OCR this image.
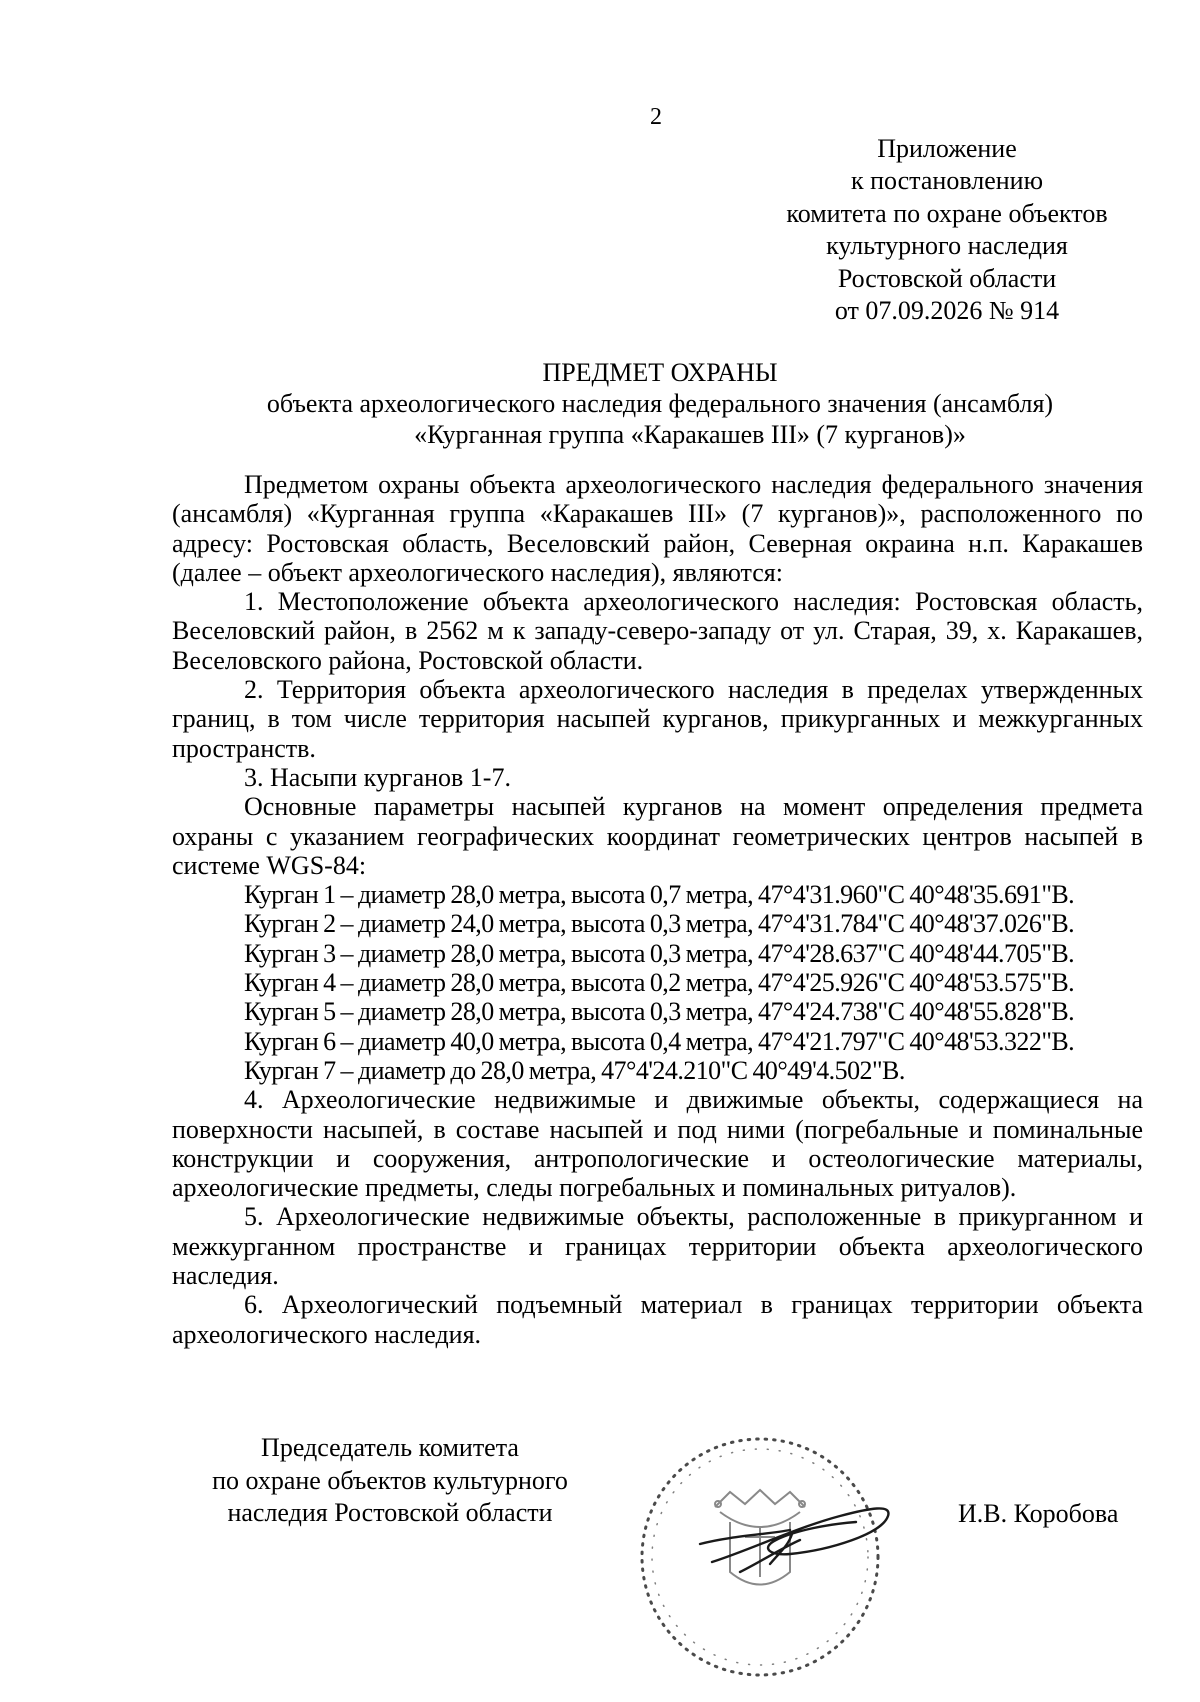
2
Приложение
к постановлению
комитета по охране объектов
культурного наследия
Ростовской области
от 07.09.2026 № 914
ПРЕДМЕТ ОХРАНЫ
объекта археологического наследия федерального значения (ансамбля)
«Курганная группа «Каракашев III» (7 курганов)»

Предметом охраны объекта археологического наследия федерального значения (ансамбля) «Курганная группа «Каракашев III» (7 курганов)», расположенного по адресу: Ростовская область, Веселовский район, Северная окраина н.п. Каракашев (далее – объект археологического наследия), являются:

1. Местоположение объекта археологического наследия: Ростовская область, Веселовский район, в 2562 м к западу-северо-западу от ул. Старая, 39, х. Каракашев, Веселовского района, Ростовской области.

2. Территория объекта археологического наследия в пределах утвержденных границ, в том числе территория насыпей курганов, прикурганных и межкурганных пространств.

3. Насыпи курганов 1-7.

Основные параметры насыпей курганов на момент определения предмета охраны с указанием географических координат геометрических центров насыпей в системе WGS-84:

Курган 1 – диаметр 28,0 метра, высота 0,7 метра, 47°4'31.960"С 40°48'35.691"В.
Курган 2 – диаметр 24,0 метра, высота 0,3 метра, 47°4'31.784"С 40°48'37.026"В.
Курган 3 – диаметр 28,0 метра, высота 0,3 метра, 47°4'28.637"С 40°48'44.705"В.
Курган 4 – диаметр 28,0 метра, высота 0,2 метра, 47°4'25.926"С 40°48'53.575"В.
Курган 5 – диаметр 28,0 метра, высота 0,3 метра, 47°4'24.738"С 40°48'55.828"В.
Курган 6 – диаметр 40,0 метра, высота 0,4 метра, 47°4'21.797"С 40°48'53.322"В.
Курган 7 – диаметр до 28,0 метра, 47°4'24.210"С 40°49'4.502"В.

4. Археологические недвижимые и движимые объекты, содержащиеся на поверхности насыпей, в составе насыпей и под ними (погребальные и поминальные конструкции и сооружения, антропологические и остеологические материалы, археологические предметы, следы погребальных и поминальных ритуалов).

5. Археологические недвижимые объекты, расположенные в прикурганном и межкурганном пространстве и границах территории объекта археологического наследия.

6. Археологический подъемный материал в границах территории объекта археологического наследия.

Председатель комитета
по охране объектов культурного
наследия Ростовской области	И.В. Коробова
